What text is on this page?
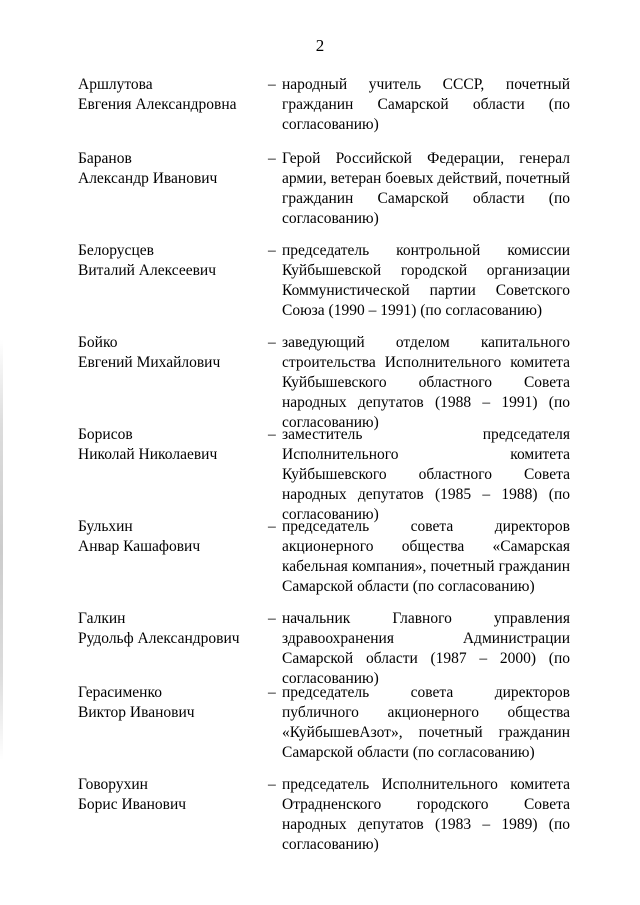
2
Аршлутова
Евгения Александровна
– народный учитель СССР, почетный гражданин Самарской области (по согласованию)
Баранов
Александр Иванович
– Герой Российской Федерации, генерал армии, ветеран боевых действий, почетный гражданин Самарской области (по согласованию)
Белорусцев
Виталий Алексеевич
– председатель контрольной комиссии Куйбышевской городской организации Коммунистической партии Советского Союза (1990 – 1991) (по согласованию)
Бойко
Евгений Михайлович
– заведующий отделом капитального строительства Исполнительного комитета Куйбышевского областного Совета народных депутатов (1988 – 1991) (по согласованию)
Борисов
Николай Николаевич
– заместитель председателя Исполнительного комитета Куйбышевского областного Совета народных депутатов (1985 – 1988) (по согласованию)
Бульхин
Анвар Кашафович
– председатель совета директоров акционерного общества «Самарская кабельная компания», почетный гражданин Самарской области (по согласованию)
Галкин
Рудольф Александрович
– начальник Главного управления здравоохранения Администрации Самарской области (1987 – 2000) (по согласованию)
Герасименко
Виктор Иванович
– председатель совета директоров публичного акционерного общества «КуйбышевАзот», почетный гражданин Самарской области (по согласованию)
Говорухин
Борис Иванович
– председатель Исполнительного комитета Отрадненского городского Совета народных депутатов (1983 – 1989) (по согласованию)
